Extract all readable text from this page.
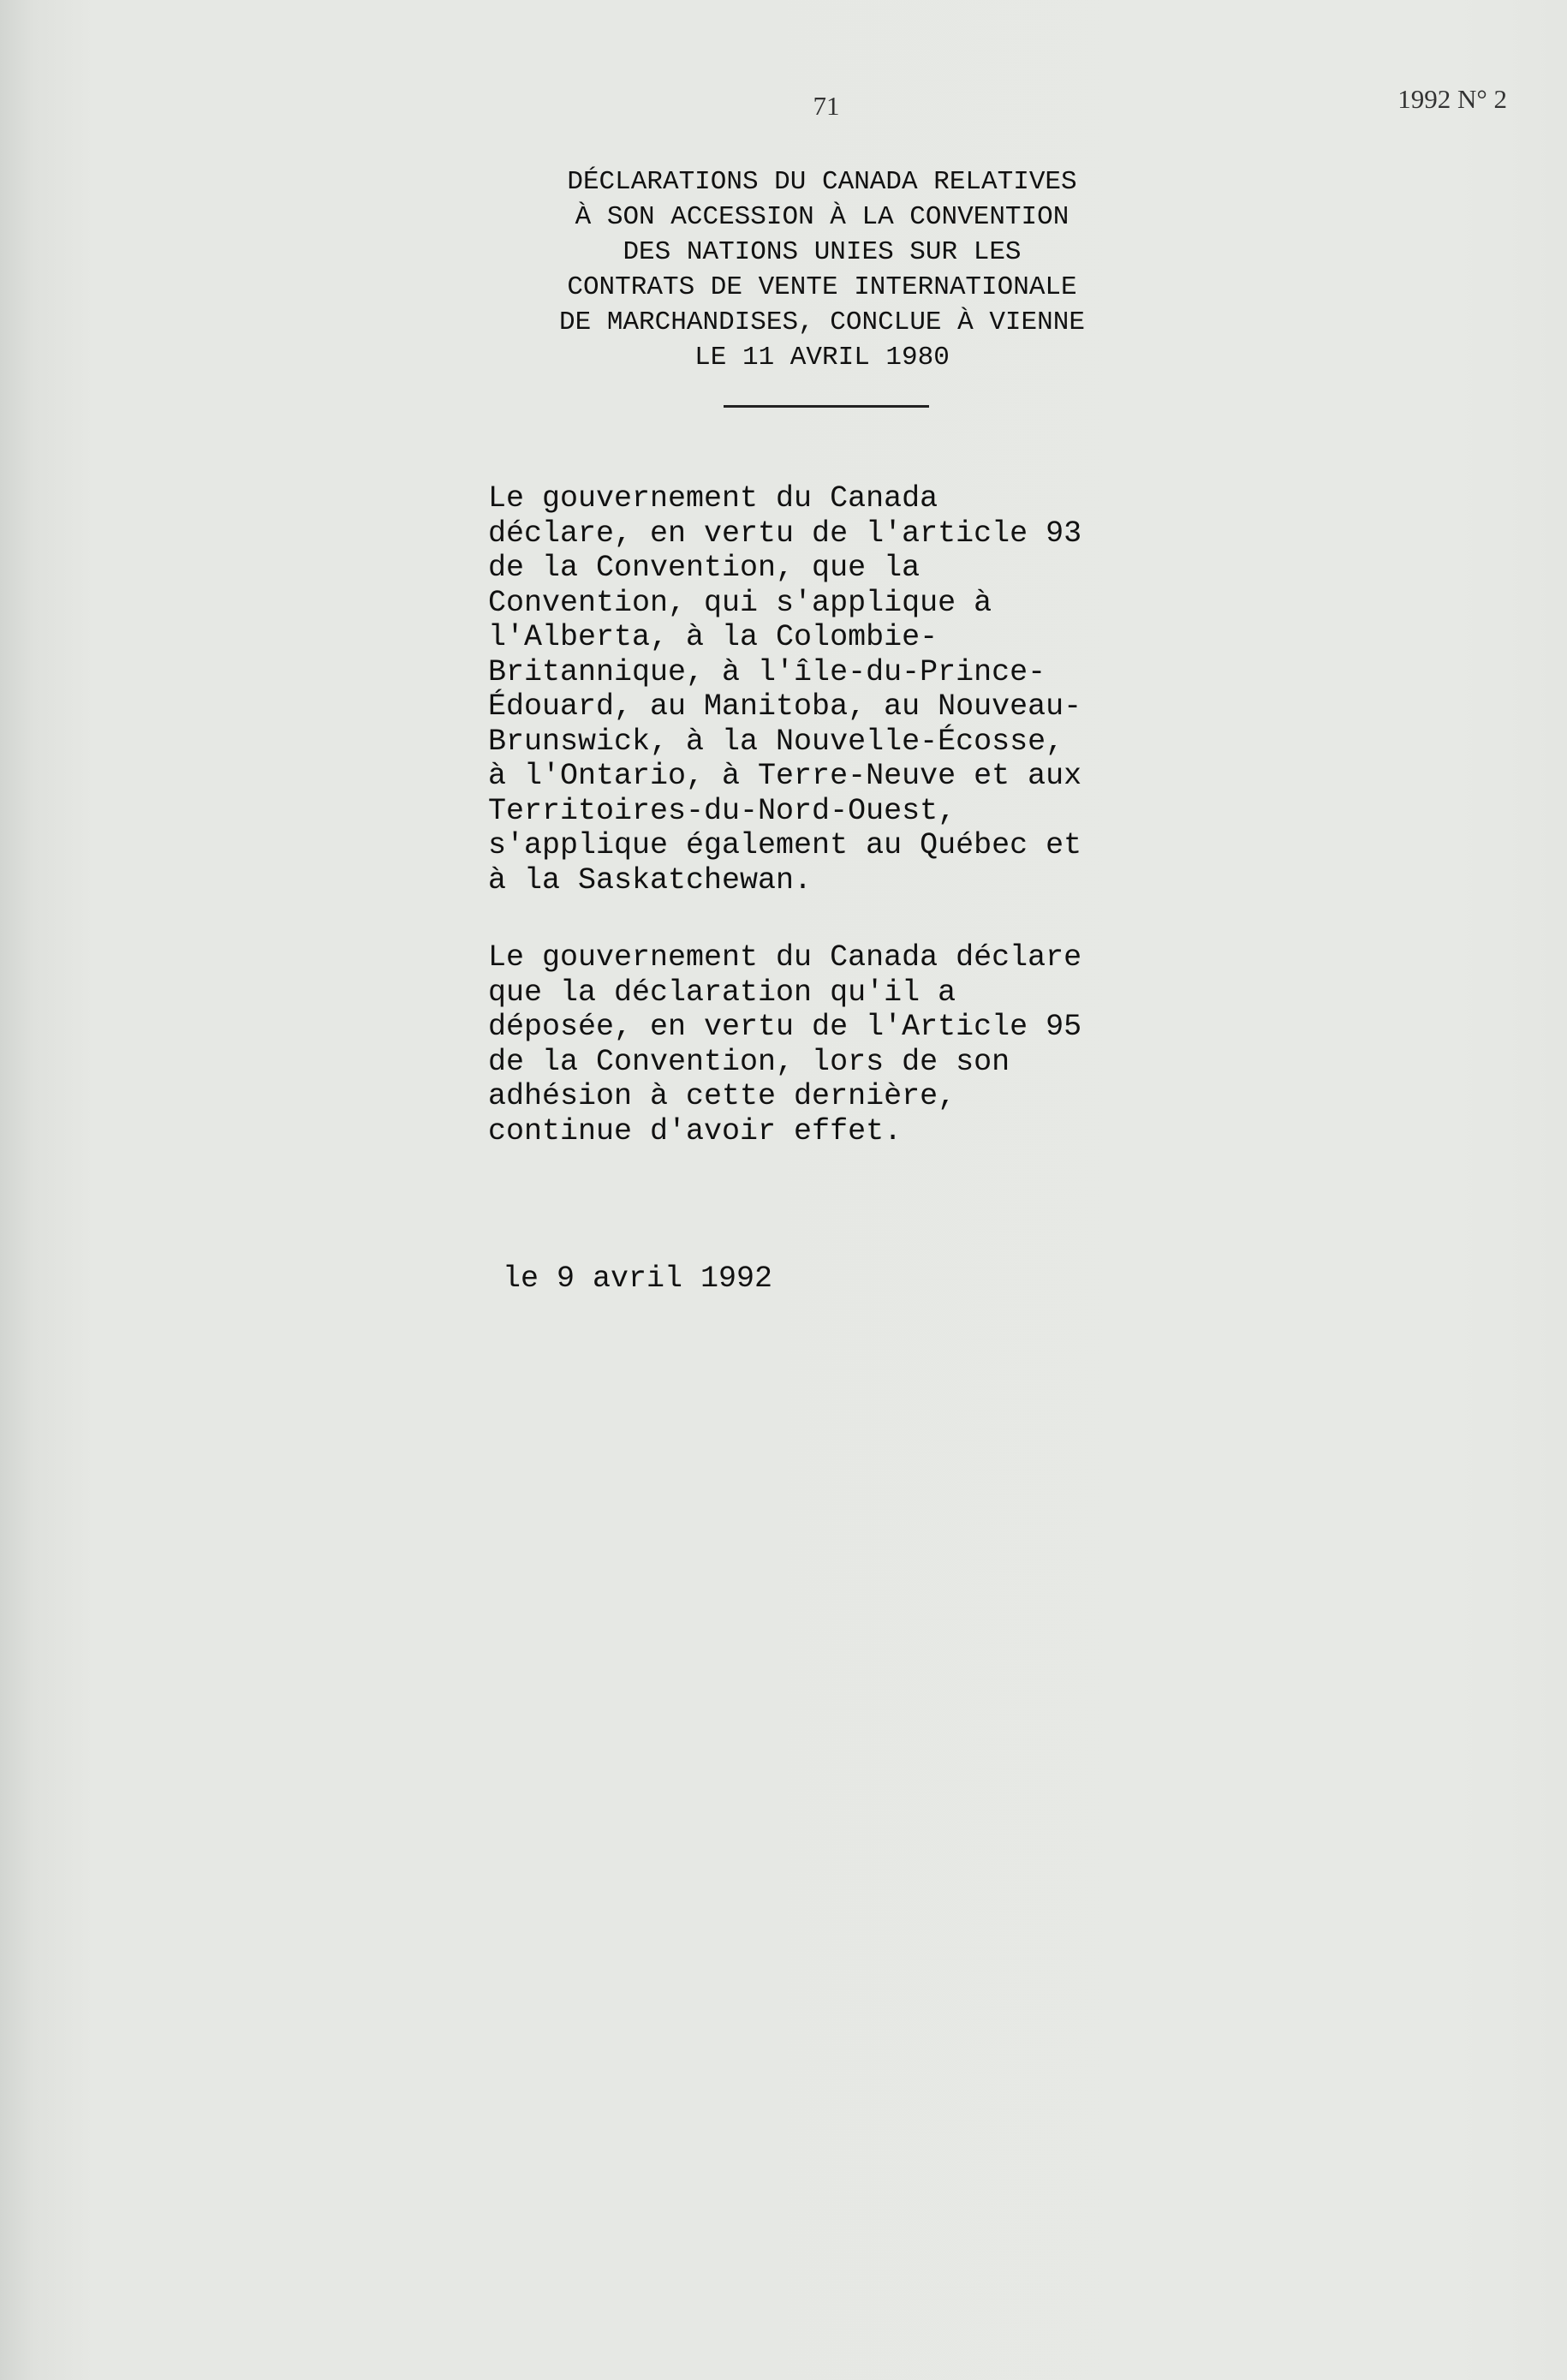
71	1992 N° 2
DÉCLARATIONS DU CANADA RELATIVES
À SON ACCESSION À LA CONVENTION
DES NATIONS UNIES SUR LES
CONTRATS DE VENTE INTERNATIONALE
DE MARCHANDISES, CONCLUE À VIENNE
LE 11 AVRIL 1980
Le gouvernement du Canada
déclare, en vertu de l'article 93
de la Convention, que la
Convention, qui s'applique à
l'Alberta, à la Colombie-
Britannique, à l'île-du-Prince-
Édouard, au Manitoba, au Nouveau-
Brunswick, à la Nouvelle-Écosse,
à l'Ontario, à Terre-Neuve et aux
Territoires-du-Nord-Ouest,
s'applique également au Québec et
à la Saskatchewan.
Le gouvernement du Canada déclare
que la déclaration qu'il a
déposée, en vertu de l'Article 95
de la Convention, lors de son
adhésion à cette dernière,
continue d'avoir effet.
le 9 avril 1992
